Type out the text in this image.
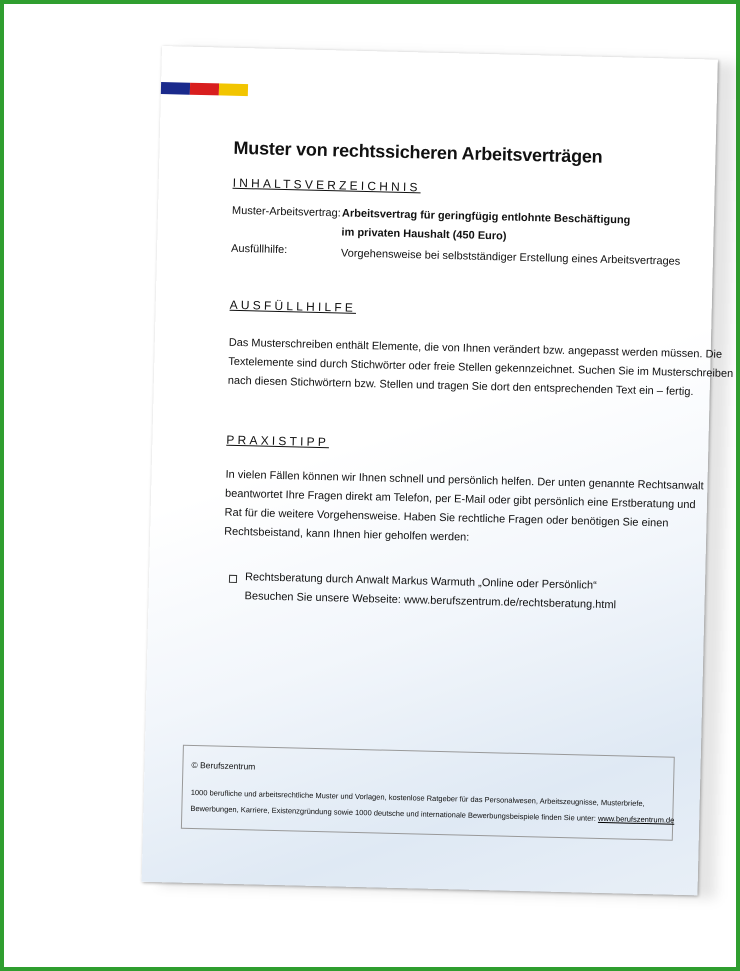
Muster von rechtssicheren Arbeitsverträgen
INHALTSVERZEICHNIS
Muster-Arbeitsvertrag: Arbeitsvertrag für geringfügig entlohnte Beschäftigung
im privaten Haushalt (450 Euro)
Ausfüllhilfe:	Vorgehensweise bei selbstständiger Erstellung eines Arbeitsvertrages
AUSFÜLLHILFE

Das Musterschreiben enthält Elemente, die von Ihnen verändert bzw. angepasst werden müssen. Die

Textelemente sind durch Stichwörter oder freie Stellen gekennzeichnet. Suchen Sie im Musterschreiben

nach diesen Stichwörtern bzw. Stellen und tragen Sie dort den entsprechenden Text ein – fertig.

PRAXISTIPP

In vielen Fällen können wir Ihnen schnell und persönlich helfen. Der unten genannte Rechtsanwalt

beantwortet Ihre Fragen direkt am Telefon, per E-Mail oder gibt persönlich eine Erstberatung und

Rat für die weitere Vorgehensweise. Haben Sie rechtliche Fragen oder benötigen Sie einen

Rechtsbeistand, kann Ihnen hier geholfen werden:

Rechtsberatung durch Anwalt Markus Warmuth „Online oder Persönlich“
Besuchen Sie unsere Webseite: www.berufszentrum.de/rechtsberatung.html
© Berufszentrum
1000 berufliche und arbeitsrechtliche Muster und Vorlagen, kostenlose Ratgeber für das Personalwesen, Arbeitszeugnisse, Musterbriefe,
Bewerbungen, Karriere, Existenzgründung sowie 1000 deutsche und internationale Bewerbungsbeispiele finden Sie unter: www.berufszentrum.de
